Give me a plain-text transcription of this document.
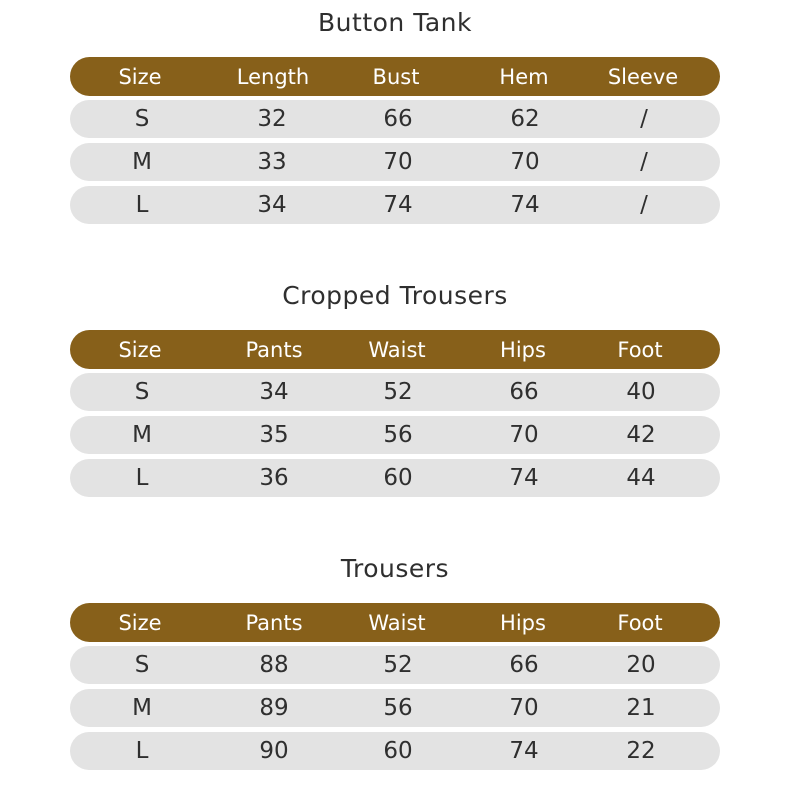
Button Tank
Size	Length	Bust	Hem	Sleeve
S	32	66	62	/
M	33	70	70	/
L	34	74	74	/
Cropped Trousers
Size	Pants	Waist	Hips	Foot
S	34	52	66	40
M	35	56	70	42
L	36	60	74	44
Trousers
Size	Pants	Waist	Hips	Foot
S	88	52	66	20
M	89	56	70	21
L	90	60	74	22
